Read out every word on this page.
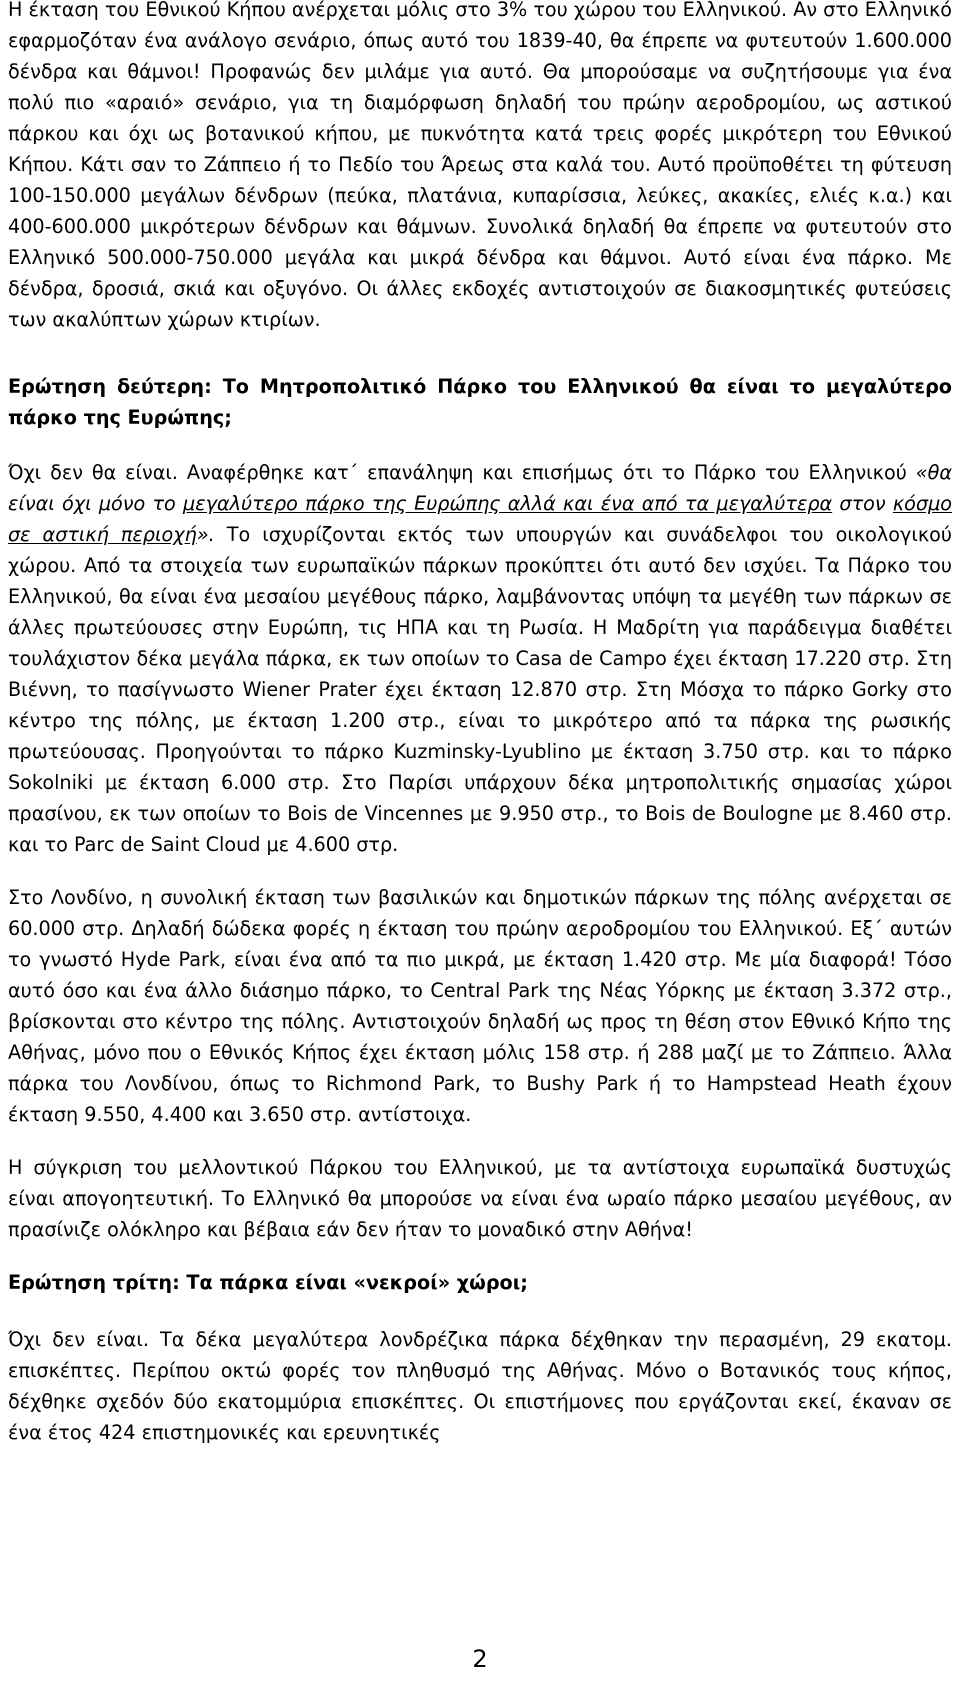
Η έκταση του Εθνικού Κήπου ανέρχεται μόλις στο 3% του χώρου του Ελληνικού. Αν στο Ελληνικό εφαρμοζόταν ένα ανάλογο σενάριο, όπως αυτό του 1839-40, θα έπρεπε να φυτευτούν 1.600.000 δένδρα και θάμνοι! Προφανώς δεν μιλάμε για αυτό. Θα μπορούσαμε να συζητήσουμε για ένα πολύ πιο «αραιό» σενάριο, για τη διαμόρφωση δηλαδή του πρώην αεροδρομίου, ως αστικού πάρκου και όχι ως βοτανικού κήπου, με πυκνότητα κατά τρεις φορές μικρότερη του Εθνικού Κήπου. Κάτι σαν το Ζάππειο ή το Πεδίο του Άρεως στα καλά του. Αυτό προϋποθέτει τη φύτευση 100-150.000 μεγάλων δένδρων (πεύκα, πλατάνια, κυπαρίσσια, λεύκες, ακακίες, ελιές κ.α.) και 400-600.000 μικρότερων δένδρων και θάμνων. Συνολικά δηλαδή θα έπρεπε να φυτευτούν στο Ελληνικό 500.000-750.000 μεγάλα και μικρά δένδρα και θάμνοι. Αυτό είναι ένα πάρκο. Με δένδρα, δροσιά, σκιά και οξυγόνο. Οι άλλες εκδοχές αντιστοιχούν σε διακοσμητικές φυτεύσεις των ακαλύπτων χώρων κτιρίων.

Ερώτηση δεύτερη: Το Μητροπολιτικό Πάρκο του Ελληνικού θα είναι το μεγαλύτερο πάρκο της Ευρώπης;

Όχι δεν θα είναι. Αναφέρθηκε κατ΄ επανάληψη και επισήμως ότι το Πάρκο του Ελληνικού «θα είναι όχι μόνο το μεγαλύτερο πάρκο της Ευρώπης αλλά και ένα από τα μεγαλύτερα στον κόσμο σε αστική περιοχή». Το ισχυρίζονται εκτός των υπουργών και συνάδελφοι του οικολογικού χώρου. Από τα στοιχεία των ευρωπαϊκών πάρκων προκύπτει ότι αυτό δεν ισχύει. Τα Πάρκο του Ελληνικού, θα είναι ένα μεσαίου μεγέθους πάρκο, λαμβάνοντας υπόψη τα μεγέθη των πάρκων σε άλλες πρωτεύουσες στην Ευρώπη, τις ΗΠΑ και τη Ρωσία. Η Μαδρίτη για παράδειγμα διαθέτει τουλάχιστον δέκα μεγάλα πάρκα, εκ των οποίων το Casa de Campo έχει έκταση 17.220 στρ. Στη Βιέννη, το πασίγνωστο Wiener Prater έχει έκταση 12.870 στρ. Στη Μόσχα το πάρκο Gorky στο κέντρο της πόλης, με έκταση 1.200 στρ., είναι το μικρότερο από τα πάρκα της ρωσικής πρωτεύουσας. Προηγούνται το πάρκο Kuzminsky-Lyublino με έκταση 3.750 στρ. και το πάρκο Sokolniki με έκταση 6.000 στρ. Στο Παρίσι υπάρχουν δέκα μητροπολιτικής σημασίας χώροι πρασίνου, εκ των οποίων το Bois de Vincennes με 9.950 στρ., το Bois de Boulogne με 8.460 στρ. και το Parc de Saint Cloud με 4.600 στρ.

Στο Λονδίνο, η συνολική έκταση των βασιλικών και δημοτικών πάρκων της πόλης ανέρχεται σε 60.000 στρ. Δηλαδή δώδεκα φορές η έκταση του πρώην αεροδρομίου του Ελληνικού. Εξ΄ αυτών το γνωστό Hyde Park, είναι ένα από τα πιο μικρά, με έκταση 1.420 στρ. Με μία διαφορά! Τόσο αυτό όσο και ένα άλλο διάσημο πάρκο, το Central Park της Νέας Υόρκης με έκταση 3.372 στρ., βρίσκονται στο κέντρο της πόλης. Αντιστοιχούν δηλαδή ως προς τη θέση στον Εθνικό Κήπο της Αθήνας, μόνο που ο Εθνικός Κήπος έχει έκταση μόλις 158 στρ. ή 288 μαζί με το Ζάππειο. Άλλα πάρκα του Λονδίνου, όπως το Richmond Park, το Bushy Park ή το Hampstead Heath έχουν έκταση 9.550, 4.400 και 3.650 στρ. αντίστοιχα.

Η σύγκριση του μελλοντικού Πάρκου του Ελληνικού, με τα αντίστοιχα ευρωπαϊκά δυστυχώς είναι απογοητευτική. Το Ελληνικό θα μπορούσε να είναι ένα ωραίο πάρκο μεσαίου μεγέθους, αν πρασίνιζε ολόκληρο και βέβαια εάν δεν ήταν το μοναδικό στην Αθήνα!

Ερώτηση τρίτη: Τα πάρκα είναι «νεκροί» χώροι;

Όχι δεν είναι. Τα δέκα μεγαλύτερα λονδρέζικα πάρκα δέχθηκαν την περασμένη, 29 εκατομ. επισκέπτες. Περίπου οκτώ φορές τον πληθυσμό της Αθήνας. Μόνο ο Βοτανικός τους κήπος, δέχθηκε σχεδόν δύο εκατομμύρια επισκέπτες. Οι επιστήμονες που εργάζονται εκεί, έκαναν σε ένα έτος 424 επιστημονικές και ερευνητικές

2
